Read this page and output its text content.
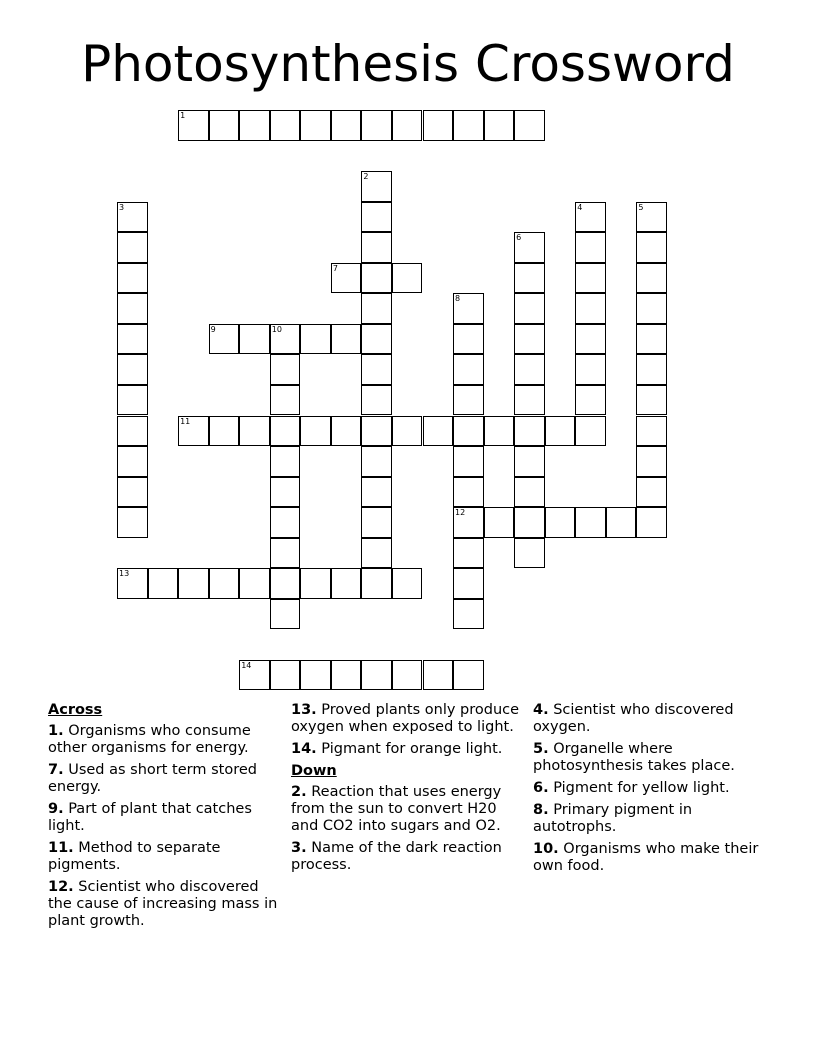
Photosynthesis Crossword
1
2
3	4	5
6
7
8
12
9	10
11
13
14
Across
1. Organisms who consume other organisms for energy.
7. Used as short term stored energy.
9. Part of plant that catches light.
11. Method to separate pigments.
12. Scientist who discovered the cause of increasing mass in plant growth.
13. Proved plants only produce oxygen when exposed to light.
14. Pigmant for orange light.
Down
2. Reaction that uses energy from the sun to convert H20 and CO2 into sugars and O2.
3. Name of the dark reaction process.
4. Scientist who discovered oxygen.
5. Organelle where photosynthesis takes place.
6. Pigment for yellow light.
8. Primary pigment in autotrophs.
10. Organisms who make their own food.
